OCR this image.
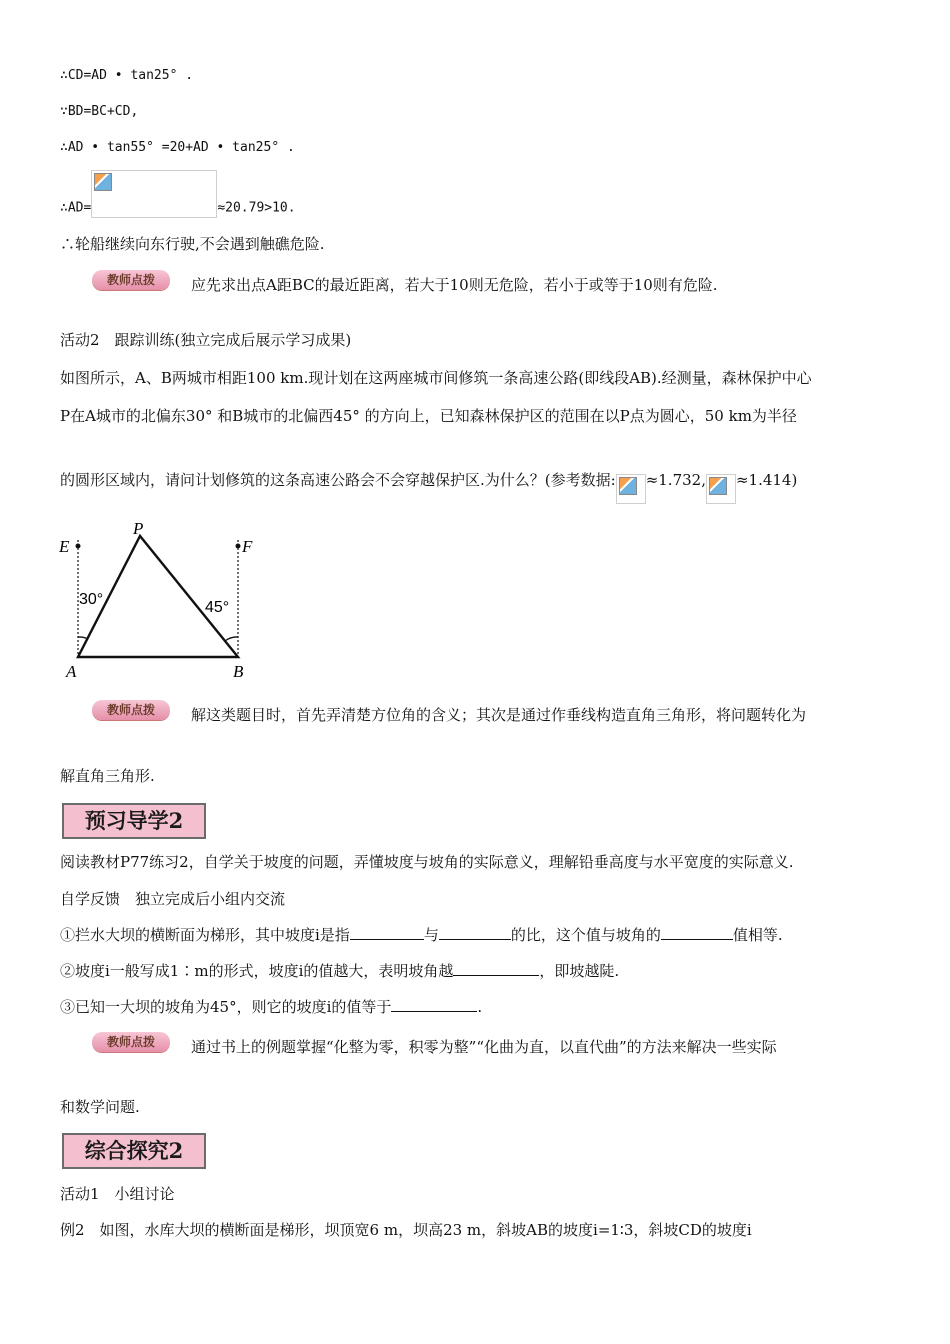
∴CD=AD • tan25° .
∵BD=BC+CD,
∴AD • tan55° =20+AD • tan25° .
∴AD=	≈20.79>10.
∴轮船继续向东行驶,不会遇到触礁危险.
教师点拨	应先求出点A距BC的最近距离，若大于10则无危险，若小于或等于10则有危险.
活动2　跟踪训练(独立完成后展示学习成果)
如图所示，A、B两城市相距100 km.现计划在这两座城市间修筑一条高速公路(即线段AB).经测量，森林保护中心
P在A城市的北偏东30° 和B城市的北偏西45° 的方向上，已知森林保护区的范围在以P点为圆心，50 km为半径
的圆形区域内，请问计划修筑的这条高速公路会不会穿越保护区.为什么？(参考数据: ≈1.732, ≈1.414)
E	F
P
A	B
30°	45°
教师点拨	解这类题目时，首先弄清楚方位角的含义；其次是通过作垂线构造直角三角形，将问题转化为
解直角三角形.
预习导学2
阅读教材P77练习2，自学关于坡度的问题，弄懂坡度与坡角的实际意义，理解铅垂高度与水平宽度的实际意义.
自学反馈　独立完成后小组内交流
①拦水大坝的横断面为梯形，其中坡度i是指	与	的比，这个值与坡角的	值相等.
②坡度i一般写成1∶m的形式，坡度i的值越大，表明坡角越	，即坡越陡.
③已知一大坝的坡角为45°，则它的坡度i的值等于	.
教师点拨	通过书上的例题掌握“化整为零，积零为整”“化曲为直，以直代曲”的方法来解决一些实际
和数学问题.
综合探究2
活动1　小组讨论
例2　如图，水库大坝的横断面是梯形，坝顶宽6 m，坝高23 m，斜坡AB的坡度i=1∶3，斜坡CD的坡度i
